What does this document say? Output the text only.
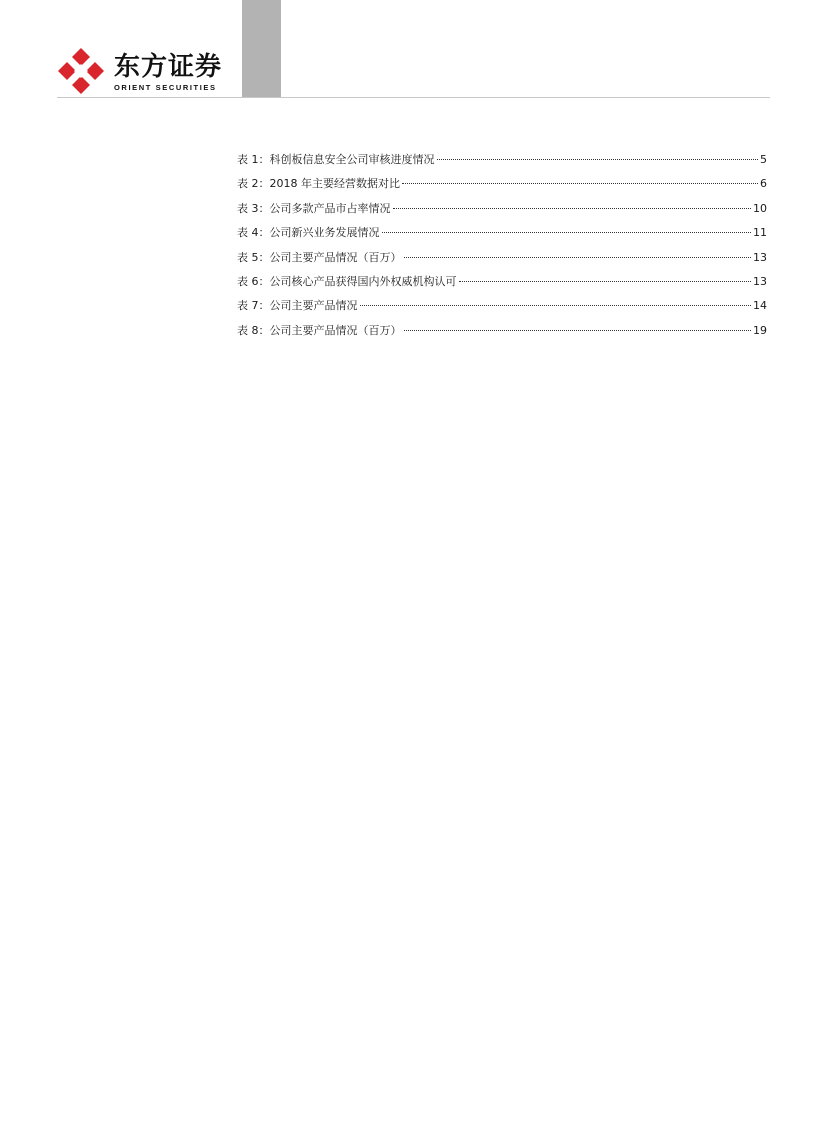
东方证券
ORIENT SECURITIES
表 1： 科创板信息安全公司审核进度情况	5
表 2： 2018 年主要经营数据对比	6
表 3： 公司多款产品市占率情况	10
表 4： 公司新兴业务发展情况	11
表 5： 公司主要产品情况（百万）	13
表 6： 公司核心产品获得国内外权威机构认可	13
表 7： 公司主要产品情况	14
表 8： 公司主要产品情况（百万）	19
